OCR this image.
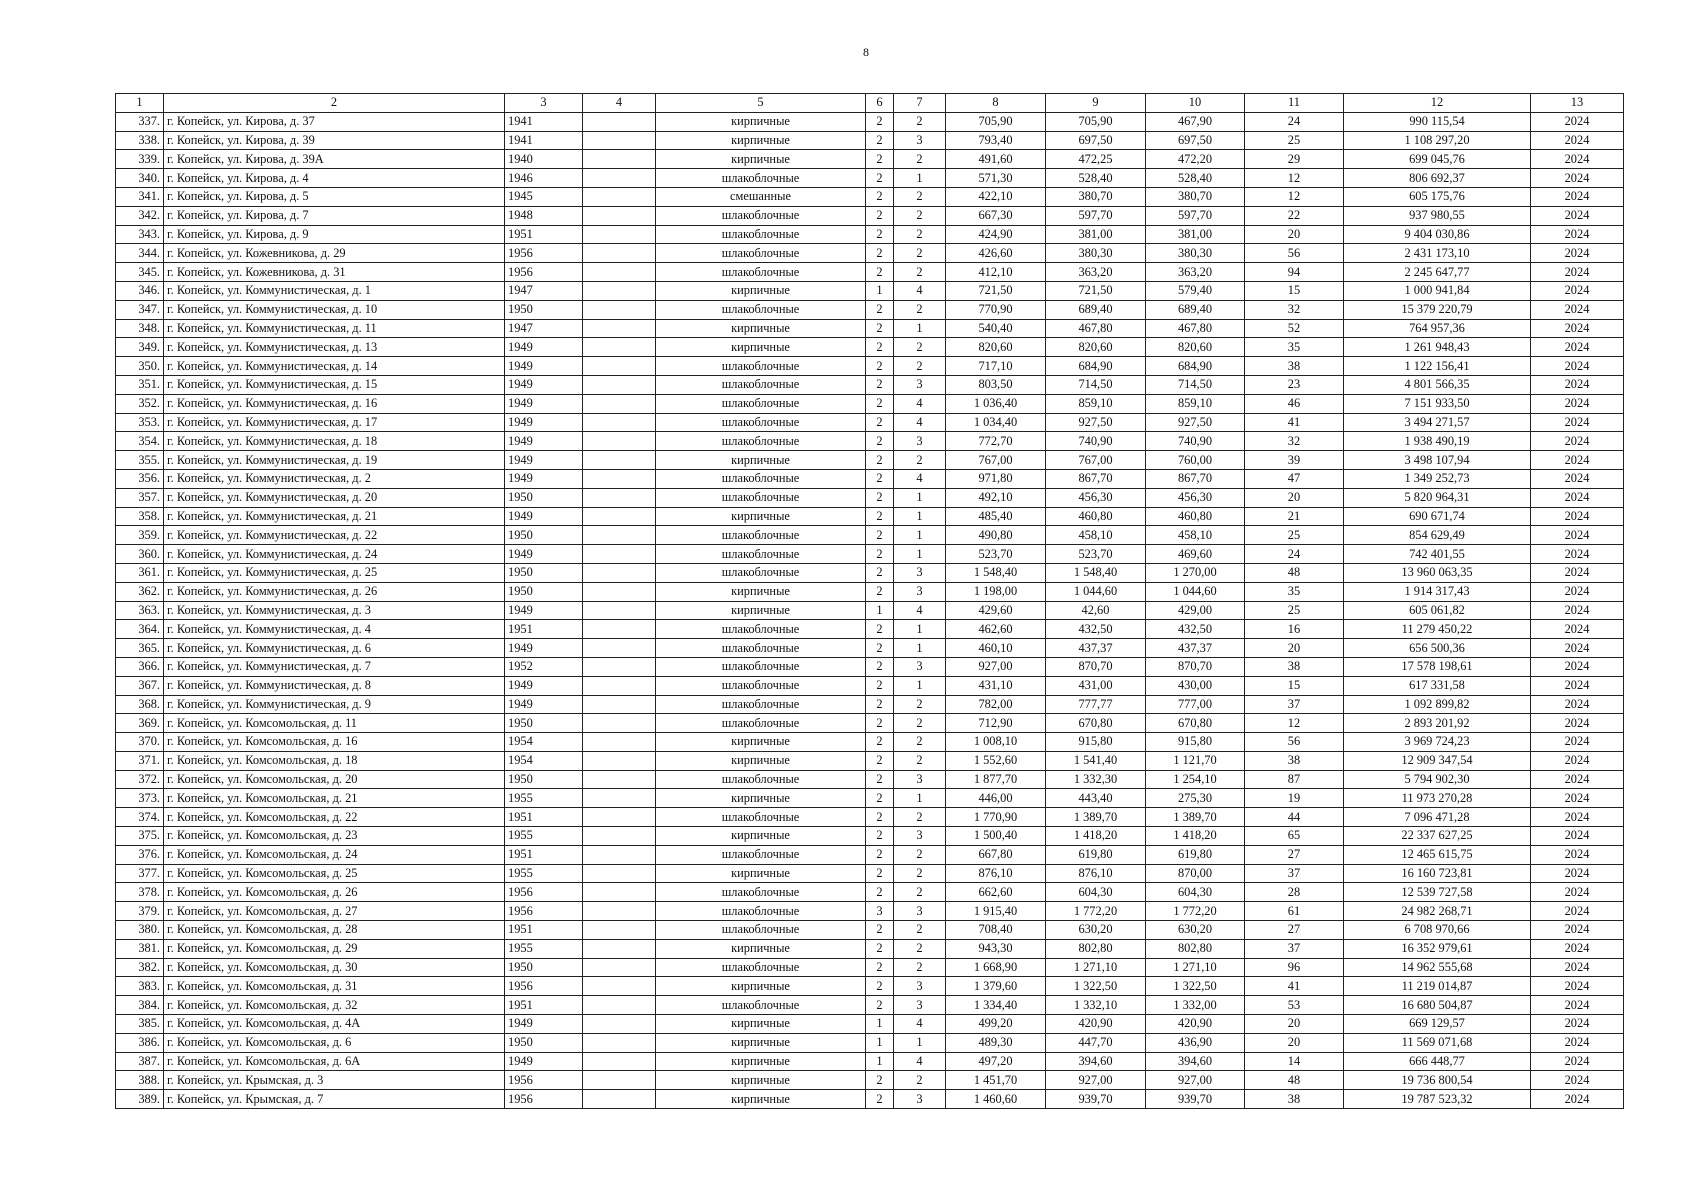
8
1	2	3	4	5	6	7	8	9	10	11	12	13
337.	г. Копейск, ул. Кирова, д. 37	1941		кирпичные	2	2	705,90	705,90	467,90	24	990 115,54	2024
338.	г. Копейск, ул. Кирова, д. 39	1941		кирпичные	2	3	793,40	697,50	697,50	25	1 108 297,20	2024
339.	г. Копейск, ул. Кирова, д. 39А	1940		кирпичные	2	2	491,60	472,25	472,20	29	699 045,76	2024
340.	г. Копейск, ул. Кирова, д. 4	1946		шлакоблочные	2	1	571,30	528,40	528,40	12	806 692,37	2024
341.	г. Копейск, ул. Кирова, д. 5	1945		смешанные	2	2	422,10	380,70	380,70	12	605 175,76	2024
342.	г. Копейск, ул. Кирова, д. 7	1948		шлакоблочные	2	2	667,30	597,70	597,70	22	937 980,55	2024
343.	г. Копейск, ул. Кирова, д. 9	1951		шлакоблочные	2	2	424,90	381,00	381,00	20	9 404 030,86	2024
344.	г. Копейск, ул. Кожевникова, д. 29	1956		шлакоблочные	2	2	426,60	380,30	380,30	56	2 431 173,10	2024
345.	г. Копейск, ул. Кожевникова, д. 31	1956		шлакоблочные	2	2	412,10	363,20	363,20	94	2 245 647,77	2024
346.	г. Копейск, ул. Коммунистическая, д. 1	1947		кирпичные	1	4	721,50	721,50	579,40	15	1 000 941,84	2024
347.	г. Копейск, ул. Коммунистическая, д. 10	1950		шлакоблочные	2	2	770,90	689,40	689,40	32	15 379 220,79	2024
348.	г. Копейск, ул. Коммунистическая, д. 11	1947		кирпичные	2	1	540,40	467,80	467,80	52	764 957,36	2024
349.	г. Копейск, ул. Коммунистическая, д. 13	1949		кирпичные	2	2	820,60	820,60	820,60	35	1 261 948,43	2024
350.	г. Копейск, ул. Коммунистическая, д. 14	1949		шлакоблочные	2	2	717,10	684,90	684,90	38	1 122 156,41	2024
351.	г. Копейск, ул. Коммунистическая, д. 15	1949		шлакоблочные	2	3	803,50	714,50	714,50	23	4 801 566,35	2024
352.	г. Копейск, ул. Коммунистическая, д. 16	1949		шлакоблочные	2	4	1 036,40	859,10	859,10	46	7 151 933,50	2024
353.	г. Копейск, ул. Коммунистическая, д. 17	1949		шлакоблочные	2	4	1 034,40	927,50	927,50	41	3 494 271,57	2024
354.	г. Копейск, ул. Коммунистическая, д. 18	1949		шлакоблочные	2	3	772,70	740,90	740,90	32	1 938 490,19	2024
355.	г. Копейск, ул. Коммунистическая, д. 19	1949		кирпичные	2	2	767,00	767,00	760,00	39	3 498 107,94	2024
356.	г. Копейск, ул. Коммунистическая, д. 2	1949		шлакоблочные	2	4	971,80	867,70	867,70	47	1 349 252,73	2024
357.	г. Копейск, ул. Коммунистическая, д. 20	1950		шлакоблочные	2	1	492,10	456,30	456,30	20	5 820 964,31	2024
358.	г. Копейск, ул. Коммунистическая, д. 21	1949		кирпичные	2	1	485,40	460,80	460,80	21	690 671,74	2024
359.	г. Копейск, ул. Коммунистическая, д. 22	1950		шлакоблочные	2	1	490,80	458,10	458,10	25	854 629,49	2024
360.	г. Копейск, ул. Коммунистическая, д. 24	1949		шлакоблочные	2	1	523,70	523,70	469,60	24	742 401,55	2024
361.	г. Копейск, ул. Коммунистическая, д. 25	1950		шлакоблочные	2	3	1 548,40	1 548,40	1 270,00	48	13 960 063,35	2024
362.	г. Копейск, ул. Коммунистическая, д. 26	1950		кирпичные	2	3	1 198,00	1 044,60	1 044,60	35	1 914 317,43	2024
363.	г. Копейск, ул. Коммунистическая, д. 3	1949		кирпичные	1	4	429,60	42,60	429,00	25	605 061,82	2024
364.	г. Копейск, ул. Коммунистическая, д. 4	1951		шлакоблочные	2	1	462,60	432,50	432,50	16	11 279 450,22	2024
365.	г. Копейск, ул. Коммунистическая, д. 6	1949		шлакоблочные	2	1	460,10	437,37	437,37	20	656 500,36	2024
366.	г. Копейск, ул. Коммунистическая, д. 7	1952		шлакоблочные	2	3	927,00	870,70	870,70	38	17 578 198,61	2024
367.	г. Копейск, ул. Коммунистическая, д. 8	1949		шлакоблочные	2	1	431,10	431,00	430,00	15	617 331,58	2024
368.	г. Копейск, ул. Коммунистическая, д. 9	1949		шлакоблочные	2	2	782,00	777,77	777,00	37	1 092 899,82	2024
369.	г. Копейск, ул. Комсомольская, д. 11	1950		шлакоблочные	2	2	712,90	670,80	670,80	12	2 893 201,92	2024
370.	г. Копейск, ул. Комсомольская, д. 16	1954		кирпичные	2	2	1 008,10	915,80	915,80	56	3 969 724,23	2024
371.	г. Копейск, ул. Комсомольская, д. 18	1954		кирпичные	2	2	1 552,60	1 541,40	1 121,70	38	12 909 347,54	2024
372.	г. Копейск, ул. Комсомольская, д. 20	1950		шлакоблочные	2	3	1 877,70	1 332,30	1 254,10	87	5 794 902,30	2024
373.	г. Копейск, ул. Комсомольская, д. 21	1955		кирпичные	2	1	446,00	443,40	275,30	19	11 973 270,28	2024
374.	г. Копейск, ул. Комсомольская, д. 22	1951		шлакоблочные	2	2	1 770,90	1 389,70	1 389,70	44	7 096 471,28	2024
375.	г. Копейск, ул. Комсомольская, д. 23	1955		кирпичные	2	3	1 500,40	1 418,20	1 418,20	65	22 337 627,25	2024
376.	г. Копейск, ул. Комсомольская, д. 24	1951		шлакоблочные	2	2	667,80	619,80	619,80	27	12 465 615,75	2024
377.	г. Копейск, ул. Комсомольская, д. 25	1955		кирпичные	2	2	876,10	876,10	870,00	37	16 160 723,81	2024
378.	г. Копейск, ул. Комсомольская, д. 26	1956		шлакоблочные	2	2	662,60	604,30	604,30	28	12 539 727,58	2024
379.	г. Копейск, ул. Комсомольская, д. 27	1956		шлакоблочные	3	3	1 915,40	1 772,20	1 772,20	61	24 982 268,71	2024
380.	г. Копейск, ул. Комсомольская, д. 28	1951		шлакоблочные	2	2	708,40	630,20	630,20	27	6 708 970,66	2024
381.	г. Копейск, ул. Комсомольская, д. 29	1955		кирпичные	2	2	943,30	802,80	802,80	37	16 352 979,61	2024
382.	г. Копейск, ул. Комсомольская, д. 30	1950		шлакоблочные	2	2	1 668,90	1 271,10	1 271,10	96	14 962 555,68	2024
383.	г. Копейск, ул. Комсомольская, д. 31	1956		кирпичные	2	3	1 379,60	1 322,50	1 322,50	41	11 219 014,87	2024
384.	г. Копейск, ул. Комсомольская, д. 32	1951		шлакоблочные	2	3	1 334,40	1 332,10	1 332,00	53	16 680 504,87	2024
385.	г. Копейск, ул. Комсомольская, д. 4А	1949		кирпичные	1	4	499,20	420,90	420,90	20	669 129,57	2024
386.	г. Копейск, ул. Комсомольская, д. 6	1950		кирпичные	1	1	489,30	447,70	436,90	20	11 569 071,68	2024
387.	г. Копейск, ул. Комсомольская, д. 6А	1949		кирпичные	1	4	497,20	394,60	394,60	14	666 448,77	2024
388.	г. Копейск, ул. Крымская, д. 3	1956		кирпичные	2	2	1 451,70	927,00	927,00	48	19 736 800,54	2024
389.	г. Копейск, ул. Крымская, д. 7	1956		кирпичные	2	3	1 460,60	939,70	939,70	38	19 787 523,32	2024
